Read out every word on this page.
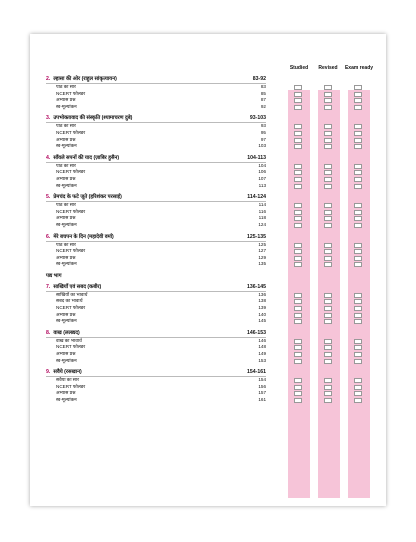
2. ल्हासा की ओर (राहुल सांकृत्यायन)	83-92
पाठ का सार	83
NCERT फोलडर	85
अभ्यास प्रश्न	87
स्व-मूल्यांकन	92
3. उपभोक्तावाद की संस्कृति (श्यामाचरण दुबे)	93-103
पाठ का सार	93
NCERT फोलडर	95
अभ्यास प्रश्न	97
स्व-मूल्यांकन	103
4. साँवले सपनों की याद (ज़ाबिर हुसैन)	104-113
पाठ का सार	104
NCERT फोलडर	106
अभ्यास प्रश्न	107
स्व-मूल्यांकन	113
5. प्रेमचंद के फटे जूते (हरिशंकर परसाई)	114-124
पाठ का सार	114
NCERT फोलडर	116
अभ्यास प्रश्न	118
स्व-मूल्यांकन	124
6. मेरे बचपन के दिन (महादेवी वर्मा)	125-135
पाठ का सार	125
NCERT फोलडर	127
अभ्यास प्रश्न	129
स्व-मूल्यांकन	135
पद्य भाग
7. साखियाँ एवं सबद (कबीर)	136-145
साखियों का भावार्थ	136
सबद का भावार्थ	138
NCERT फोलडर	139
अभ्यास प्रश्न	140
स्व-मूल्यांकन	145
8. वाख (ललद्यद)	146-153
वाख का भावार्थ	146
NCERT फोलडर	148
अभ्यास प्रश्न	149
स्व-मूल्यांकन	153
9. सवैये (रसखान)	154-161
सवैया का सार	154
NCERT फोलडर	156
अभ्यास प्रश्न	157
स्व-मूल्यांकन	161
Studied	Revised	Exam ready
